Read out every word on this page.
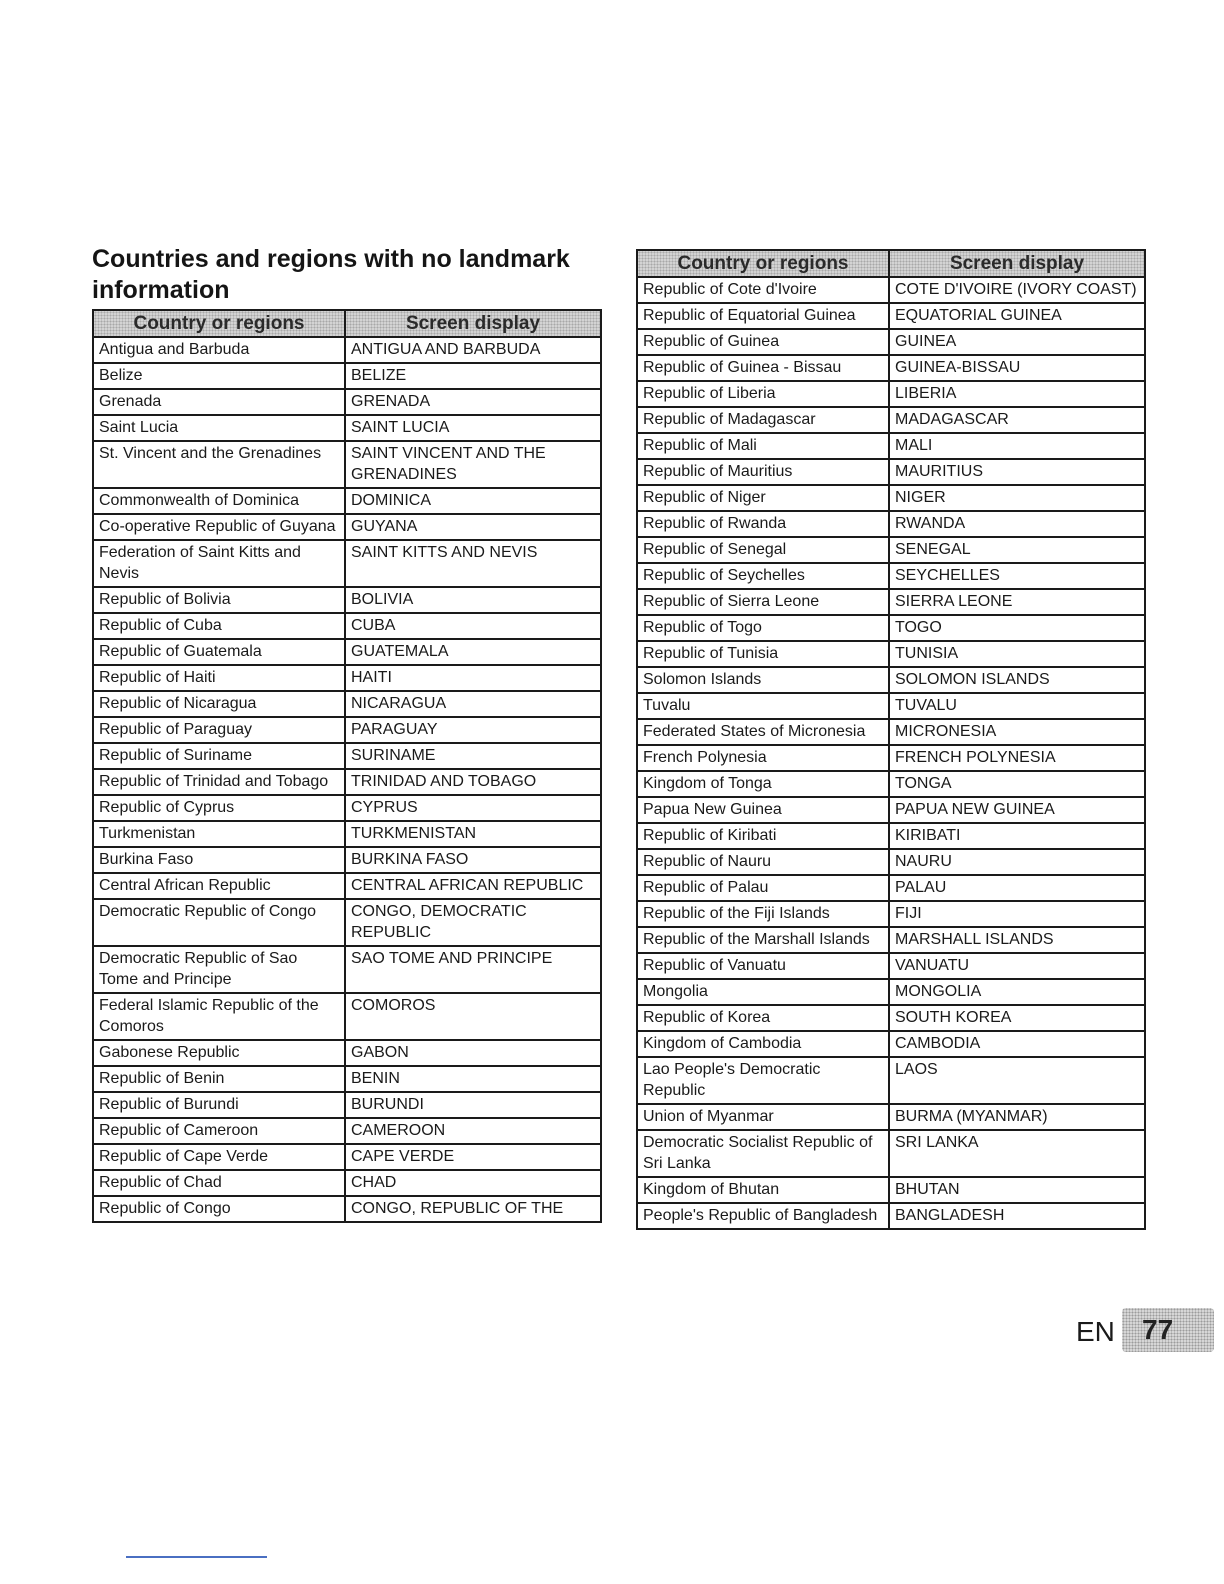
Countries and regions with no landmark information
Country or regions	Screen display
Antigua and Barbuda	ANTIGUA AND BARBUDA
Belize	BELIZE
Grenada	GRENADA
Saint Lucia	SAINT LUCIA
St. Vincent and the Grenadines	SAINT VINCENT AND THE GRENADINES
Commonwealth of Dominica	DOMINICA
Co-operative Republic of Guyana	GUYANA
Federation of Saint Kitts and Nevis	SAINT KITTS AND NEVIS
Republic of Bolivia	BOLIVIA
Republic of Cuba	CUBA
Republic of Guatemala	GUATEMALA
Republic of Haiti	HAITI
Republic of Nicaragua	NICARAGUA
Republic of Paraguay	PARAGUAY
Republic of Suriname	SURINAME
Republic of Trinidad and Tobago	TRINIDAD AND TOBAGO
Republic of Cyprus	CYPRUS
Turkmenistan	TURKMENISTAN
Burkina Faso	BURKINA FASO
Central African Republic	CENTRAL AFRICAN REPUBLIC
Democratic Republic of Congo	CONGO, DEMOCRATIC REPUBLIC
Democratic Republic of Sao Tome and Principe	SAO TOME AND PRINCIPE
Federal Islamic Republic of the Comoros	COMOROS
Gabonese Republic	GABON
Republic of Benin	BENIN
Republic of Burundi	BURUNDI
Republic of Cameroon	CAMEROON
Republic of Cape Verde	CAPE VERDE
Republic of Chad	CHAD
Republic of Congo	CONGO, REPUBLIC OF THE
Country or regions	Screen display
Republic of Cote d'Ivoire	COTE D'IVOIRE (IVORY COAST)
Republic of Equatorial Guinea	EQUATORIAL GUINEA
Republic of Guinea	GUINEA
Republic of Guinea - Bissau	GUINEA-BISSAU
Republic of Liberia	LIBERIA
Republic of Madagascar	MADAGASCAR
Republic of Mali	MALI
Republic of Mauritius	MAURITIUS
Republic of Niger	NIGER
Republic of Rwanda	RWANDA
Republic of Senegal	SENEGAL
Republic of Seychelles	SEYCHELLES
Republic of Sierra Leone	SIERRA LEONE
Republic of Togo	TOGO
Republic of Tunisia	TUNISIA
Solomon Islands	SOLOMON ISLANDS
Tuvalu	TUVALU
Federated States of Micronesia	MICRONESIA
French Polynesia	FRENCH POLYNESIA
Kingdom of Tonga	TONGA
Papua New Guinea	PAPUA NEW GUINEA
Republic of Kiribati	KIRIBATI
Republic of Nauru	NAURU
Republic of Palau	PALAU
Republic of the Fiji Islands	FIJI
Republic of the Marshall Islands	MARSHALL ISLANDS
Republic of Vanuatu	VANUATU
Mongolia	MONGOLIA
Republic of Korea	SOUTH KOREA
Kingdom of Cambodia	CAMBODIA
Lao People's Democratic Republic	LAOS
Union of Myanmar	BURMA (MYANMAR)
Democratic Socialist Republic of Sri Lanka	SRI LANKA
Kingdom of Bhutan	BHUTAN
People's Republic of Bangladesh	BANGLADESH
EN 77
